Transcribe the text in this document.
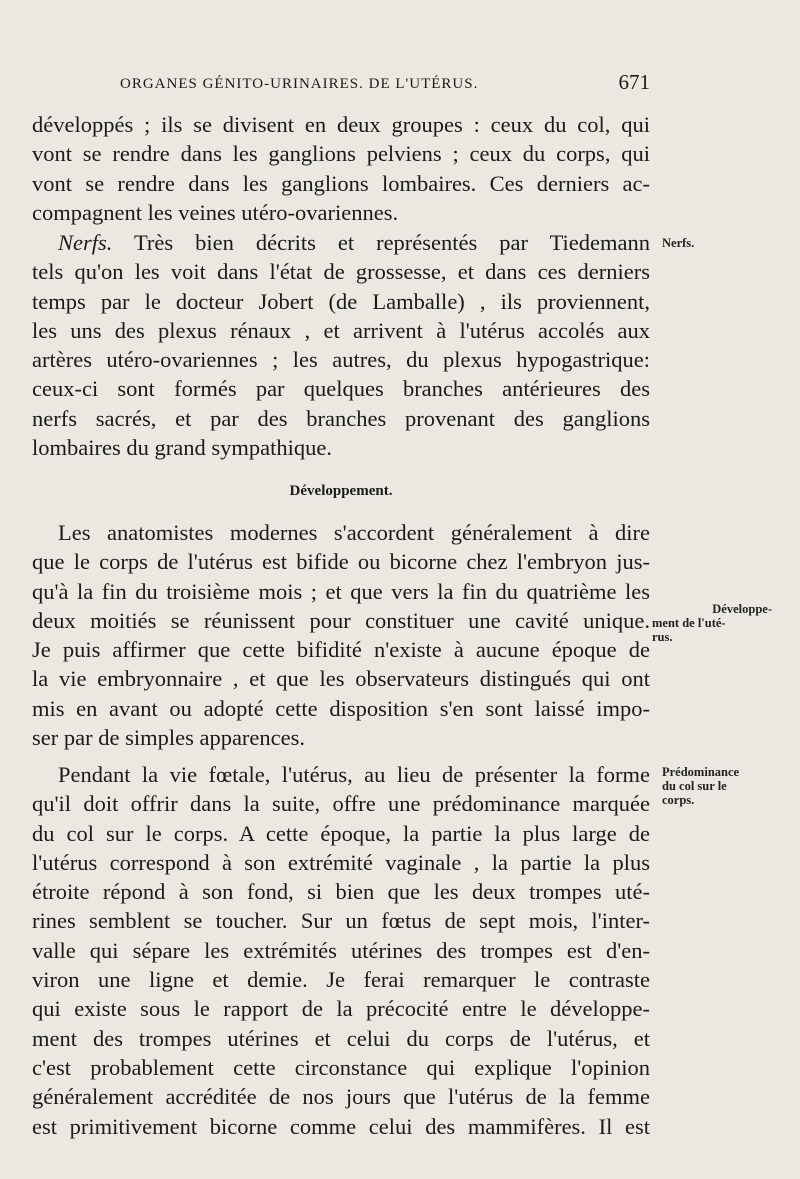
ORGANES GÉNITO-URINAIRES. DE L'UTÉRUS.	671
développés ; ils se divisent en deux groupes : ceux du col, qui
vont se rendre dans les ganglions pelviens ; ceux du corps, qui
vont se rendre dans les ganglions lombaires. Ces derniers ac-
compagnent les veines utéro-ovariennes.
Nerfs. Très bien décrits et représentés par Tiedemann
tels qu'on les voit dans l'état de grossesse, et dans ces derniers
temps par le docteur Jobert (de Lamballe) , ils proviennent,
les uns des plexus rénaux , et arrivent à l'utérus accolés aux
artères utéro-ovariennes ; les autres, du plexus hypogastrique:
ceux-ci sont formés par quelques branches antérieures des
nerfs sacrés, et par des branches provenant des ganglions
lombaires du grand sympathique.
Développement.
Les anatomistes modernes s'accordent généralement à dire
que le corps de l'utérus est bifide ou bicorne chez l'embryon jus-
qu'à la fin du troisième mois ; et que vers la fin du quatrième les
deux moitiés se réunissent pour constituer une cavité unique.
Je puis affirmer que cette bifidité n'existe à aucune époque de
la vie embryonnaire , et que les observateurs distingués qui ont
mis en avant ou adopté cette disposition s'en sont laissé impo-
ser par de simples apparences.
Pendant la vie fœtale, l'utérus, au lieu de présenter la forme
qu'il doit offrir dans la suite, offre une prédominance marquée
du col sur le corps. A cette époque, la partie la plus large de
l'utérus correspond à son extrémité vaginale , la partie la plus
étroite répond à son fond, si bien que les deux trompes uté-
rines semblent se toucher. Sur un fœtus de sept mois, l'inter-
valle qui sépare les extrémités utérines des trompes est d'en-
viron une ligne et demie. Je ferai remarquer le contraste
qui existe sous le rapport de la précocité entre le développe-
ment des trompes utérines et celui du corps de l'utérus, et
c'est probablement cette circonstance qui explique l'opinion
généralement accréditée de nos jours que l'utérus de la femme
est primitivement bicorne comme celui des mammifères. Il est
Nerfs.
Développe-
ment de l'uté-
rus.
Prédominance
du col sur le
corps.
